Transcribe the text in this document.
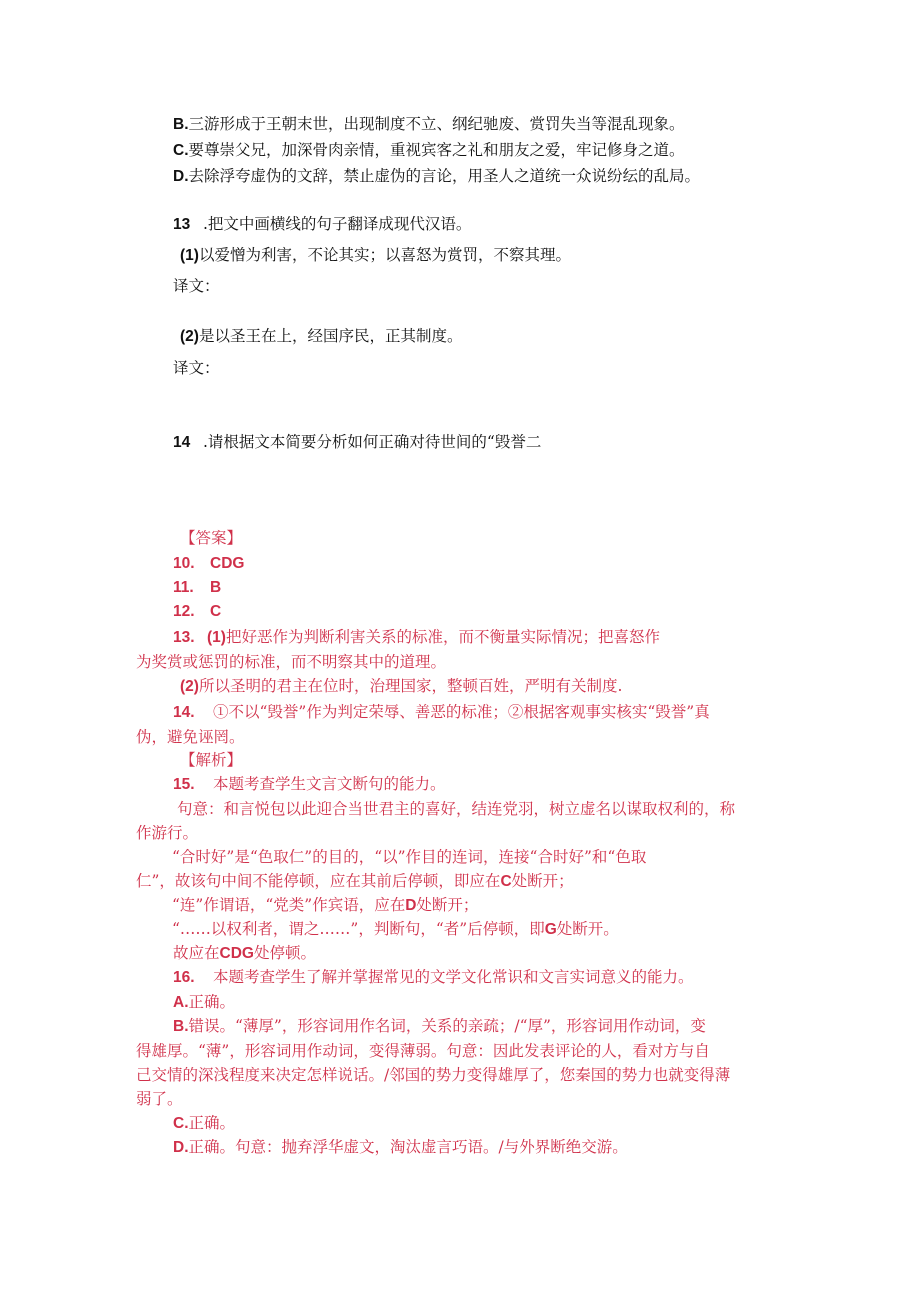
B.三游形成于王朝末世，出现制度不立、纲纪驰废、赏罚失当等混乱现象。
C.要尊崇父兄，加深骨肉亲情，重视宾客之礼和朋友之爱，牢记修身之道。
D.去除浮夸虚伪的文辞，禁止虚伪的言论，用圣人之道统一众说纷纭的乱局。
13 .把文中画横线的句子翻译成现代汉语。
(1)以爱憎为利害，不论其实；以喜怒为赏罚，不察其理。
译文：
(2)是以圣王在上，经国序民，正其制度。
译文：
14 .请根据文本简要分析如何正确对待世间的“毁誉二
【答案】
10. CDG
11. B
12. C
13. (1)把好恶作为判断利害关系的标准，而不衡量实际情况；把喜怒作
为奖赏或惩罚的标准，而不明察其中的道理。
(2)所以圣明的君主在位时，治理国家，整顿百姓，严明有关制度.
14. ①不以“毁誉”作为判定荣辱、善恶的标准；②根据客观事实核实“毁誉”真
伪，避免诬罔。
【解析】
15. 本题考查学生文言文断句的能力。
句意：和言悦包以此迎合当世君主的喜好，结连党羽，树立虚名以谋取权利的，称
作游行。
“合时好”是“色取仁”的目的，“以”作目的连词，连接“合时好”和“色取
仁”，故该句中间不能停顿，应在其前后停顿，即应在C处断开；
“连”作谓语，“党类”作宾语，应在D处断开；
“……以权利者，谓之……”，判断句，“者”后停顿，即G处断开。
故应在CDG处停顿。
16. 本题考查学生了解并掌握常见的文学文化常识和文言实词意义的能力。
A.正确。
B.错误。“薄厚”，形容词用作名词，关系的亲疏；/“厚”，形容词用作动词，变
得雄厚。“薄”，形容词用作动词，变得薄弱。句意：因此发表评论的人，看对方与自
己交情的深浅程度来决定怎样说话。/邻国的势力变得雄厚了，您秦国的势力也就变得薄
弱了。
C.正确。
D.正确。句意：抛弃浮华虚文，淘汰虚言巧语。/与外界断绝交游。
